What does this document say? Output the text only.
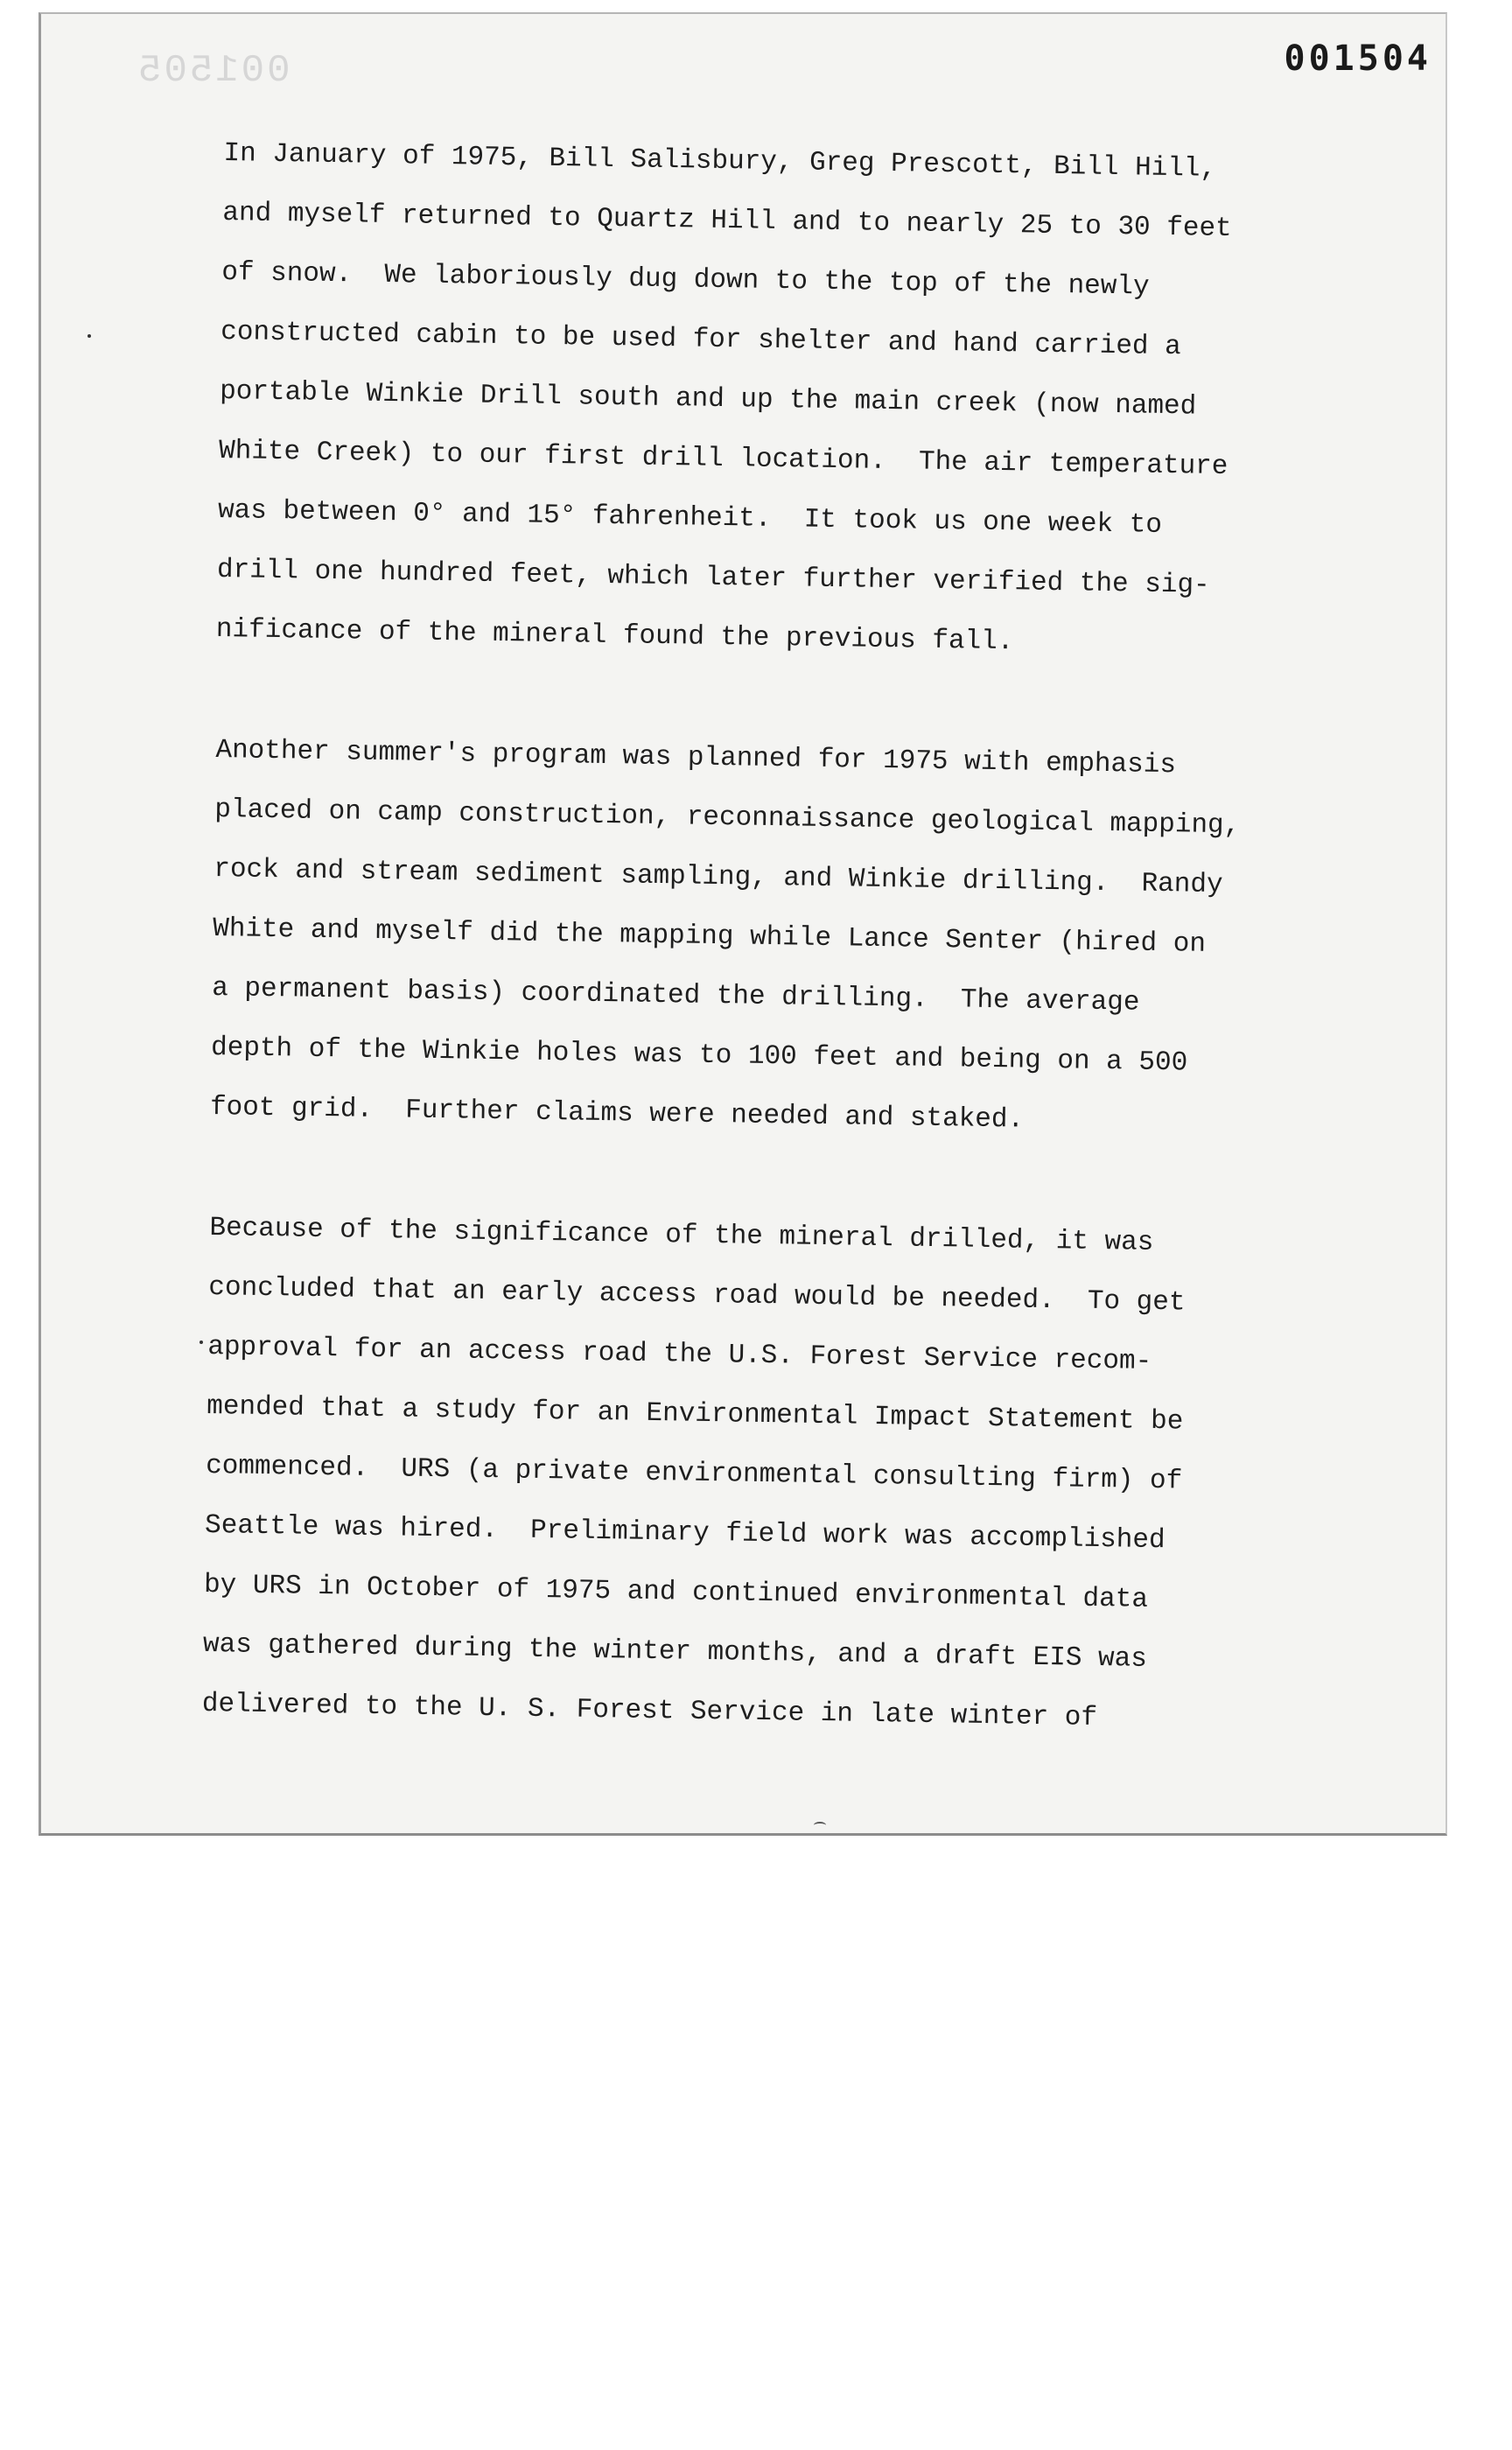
001505	001504
In January of 1975, Bill Salisbury, Greg Prescott, Bill Hill,
and myself returned to Quartz Hill and to nearly 25 to 30 feet
of snow.  We laboriously dug down to the top of the newly
constructed cabin to be used for shelter and hand carried a
portable Winkie Drill south and up the main creek (now named
White Creek) to our first drill location.  The air temperature
was between 0° and 15° fahrenheit.  It took us one week to
drill one hundred feet, which later further verified the sig-
nificance of the mineral found the previous fall.
Another summer's program was planned for 1975 with emphasis
placed on camp construction, reconnaissance geological mapping,
rock and stream sediment sampling, and Winkie drilling.  Randy
White and myself did the mapping while Lance Senter (hired on
a permanent basis) coordinated the drilling.  The average
depth of the Winkie holes was to 100 feet and being on a 500
foot grid.  Further claims were needed and staked.
Because of the significance of the mineral drilled, it was
concluded that an early access road would be needed.  To get
approval for an access road the U.S. Forest Service recom-
mended that a study for an Environmental Impact Statement be
commenced.  URS (a private environmental consulting firm) of
Seattle was hired.  Preliminary field work was accomplished
by URS in October of 1975 and continued environmental data
was gathered during the winter months, and a draft EIS was
delivered to the U. S. Forest Service in late winter of
